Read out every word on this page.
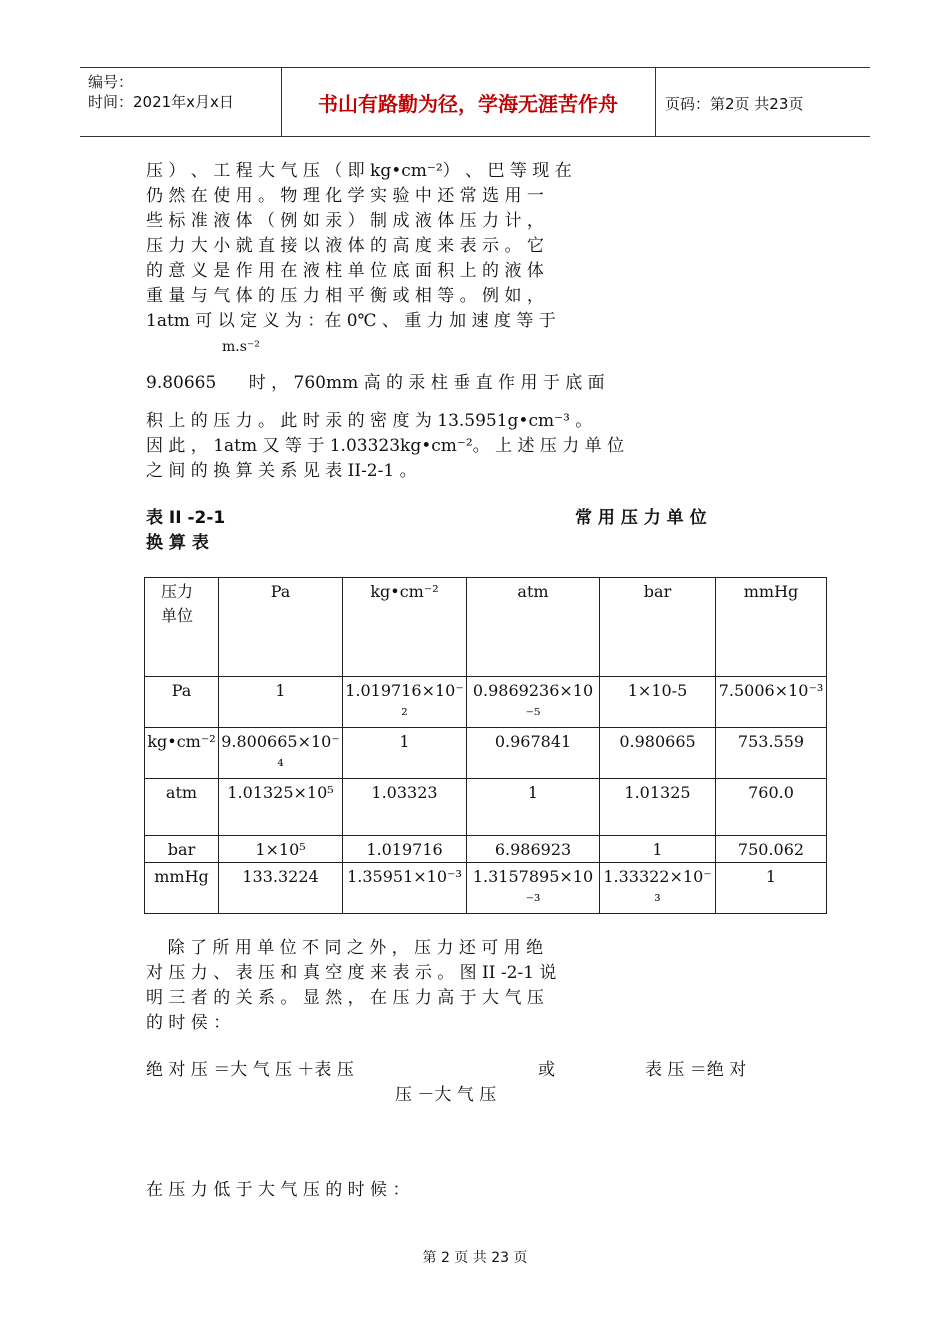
编号：
时间：2021年x月x日	书山有路勤为径，学海无涯苦作舟	页码：第2页 共23页
压 ） 、 工 程 大 气 压 （ 即 kg•cm⁻²） 、 巴 等 现 在
仍 然 在 使 用 。 物 理 化 学 实 验 中 还 常 选 用 一
些 标 准 液 体 （ 例 如 汞 ） 制 成 液 体 压 力 计 ，
压 力 大 小 就 直 接 以 液 体 的 高 度 来 表 示 。 它
的 意 义 是 作 用 在 液 柱 单 位 底 面 积 上 的 液 体
重 量 与 气 体 的 压 力 相 平 衡 或 相 等 。 例 如 ，
1atm 可 以 定 义 为 ：在 0℃ 、 重 力 加 速 度 等 于
m.s⁻²
9.80665      时 ， 760mm 高 的 汞 柱 垂 直 作 用 于 底 面
积 上 的 压 力 。 此 时 汞 的 密 度 为 13.5951g•cm⁻³ 。
因 此 ， 1atm 又 等 于 1.03323kg•cm⁻²。 上 述 压 力 单 位
之 间 的 换 算 关 系 见 表 II-2-1 。
表 II -2-1	常 用 压 力 单 位
换 算 表
压力单位	Pa	kg•cm⁻²	atm	bar	mmHg
Pa	1	1.019716×10⁻²	0.9869236×10⁻⁵	1×10-5	7.5006×10⁻³
kg•cm⁻²	9.800665×10⁻⁴	1	0.967841	0.980665	753.559
atm	1.01325×10⁵	1.03323	1	1.01325	760.0
bar	1×10⁵	1.019716	6.986923	1	750.062
mmHg	133.3224	1.35951×10⁻³	1.3157895×10⁻³	1.33322×10⁻³	1
除 了 所 用 单 位 不 同 之 外 ， 压 力 还 可 用 绝
对 压 力 、 表 压 和 真 空 度 来 表 示 。 图 II -2-1 说
明 三 者 的 关 系 。 显 然 ， 在 压 力 高 于 大 气 压
的 时 侯 ：
绝 对 压 ＝大 气 压 ＋表 压	或	表 压 ＝绝 对
压 －大 气 压
在 压 力 低 于 大 气 压 的 时 候 ：
第 2 页 共 23 页
